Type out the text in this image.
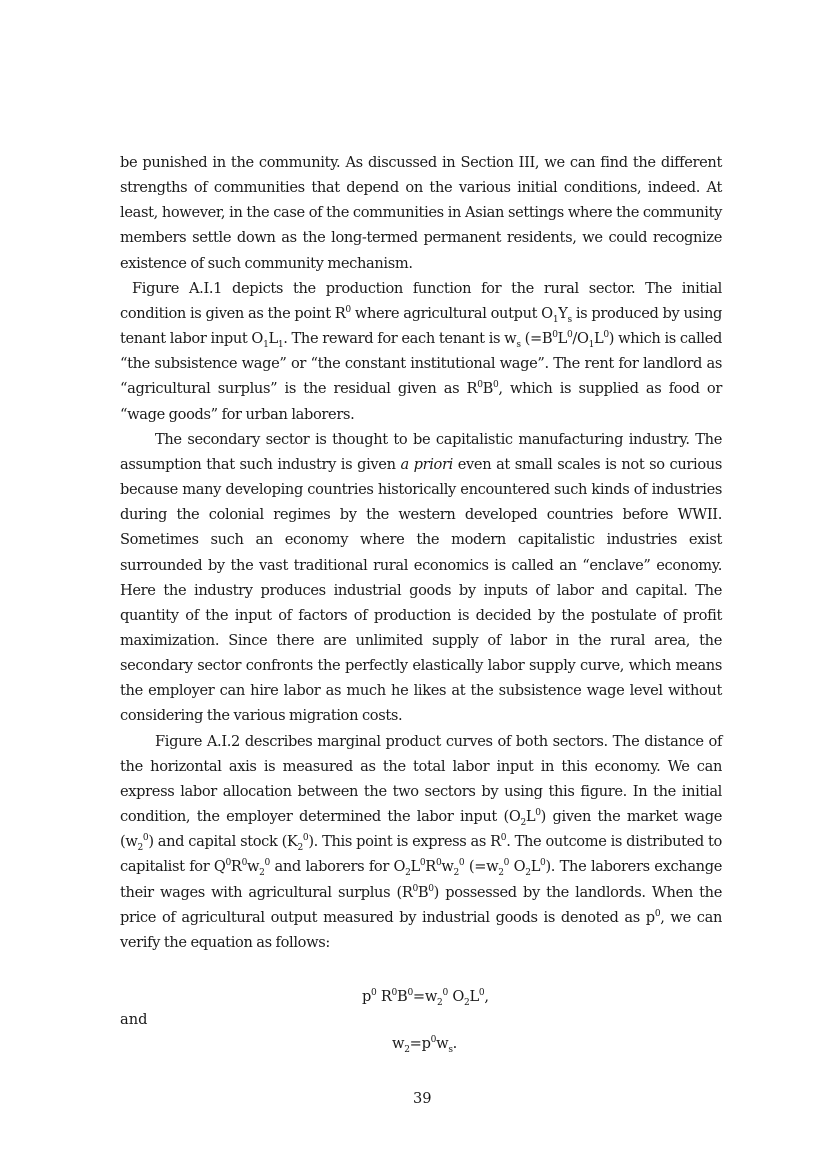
be punished in the community. As discussed in Section III, we can find the different strengths of communities that depend on the various initial conditions, indeed. At least, however, in the case of the communities in Asian settings where the community members settle down as the long-termed permanent residents, we could recognize existence of such community mechanism.

Figure A.I.1 depicts the production function for the rural sector. The initial condition is given as the point $R^0$ where agricultural output $O_1Y_s$ is produced by using tenant labor input $O_1L_1$. The reward for each tenant is $w_s$ $(=B^0L^0/O_1L^0)$ which is called “the subsistence wage” or “the constant institutional wage”. The rent for landlord as “agricultural surplus” is the residual given as $R^0B^0$, which is supplied as food or “wage goods” for urban laborers.

The secondary sector is thought to be capitalistic manufacturing industry. The assumption that such industry is given a priori even at small scales is not so curious because many developing countries historically encountered such kinds of industries during the colonial regimes by the western developed countries before WWII. Sometimes such an economy where the modern capitalistic industries exist surrounded by the vast traditional rural economics is called an “enclave” economy. Here the industry produces industrial goods by inputs of labor and capital. The quantity of the input of factors of production is decided by the postulate of profit maximization. Since there are unlimited supply of labor in the rural area, the secondary sector confronts the perfectly elastically labor supply curve, which means the employer can hire labor as much he likes at the subsistence wage level without considering the various migration costs.

Figure A.I.2 describes marginal product curves of both sectors. The distance of the horizontal axis is measured as the total labor input in this economy. We can express labor allocation between the two sectors by using this figure. In the initial condition, the employer determined the labor input $(O_2L^0)$ given the market wage $(w_2^0)$ and capital stock $(K_2^0)$. This point is express as $R^0$. The outcome is distributed to capitalist for $Q^0R^0w_2^0$ and laborers for $O_2L^0R^0w_2^0$ ($=w_2^0$ $O_2L^0$). The laborers exchange their wages with agricultural surplus $(R^0B^0)$ possessed by the landlords. When the price of agricultural output measured by industrial goods is denoted as $p^0$, we can verify the equation as follows:

$p^0$ $R^0B^0=w_2^0$ $O_2L^0$,
and
$w_2=p^0w_s$.
39
